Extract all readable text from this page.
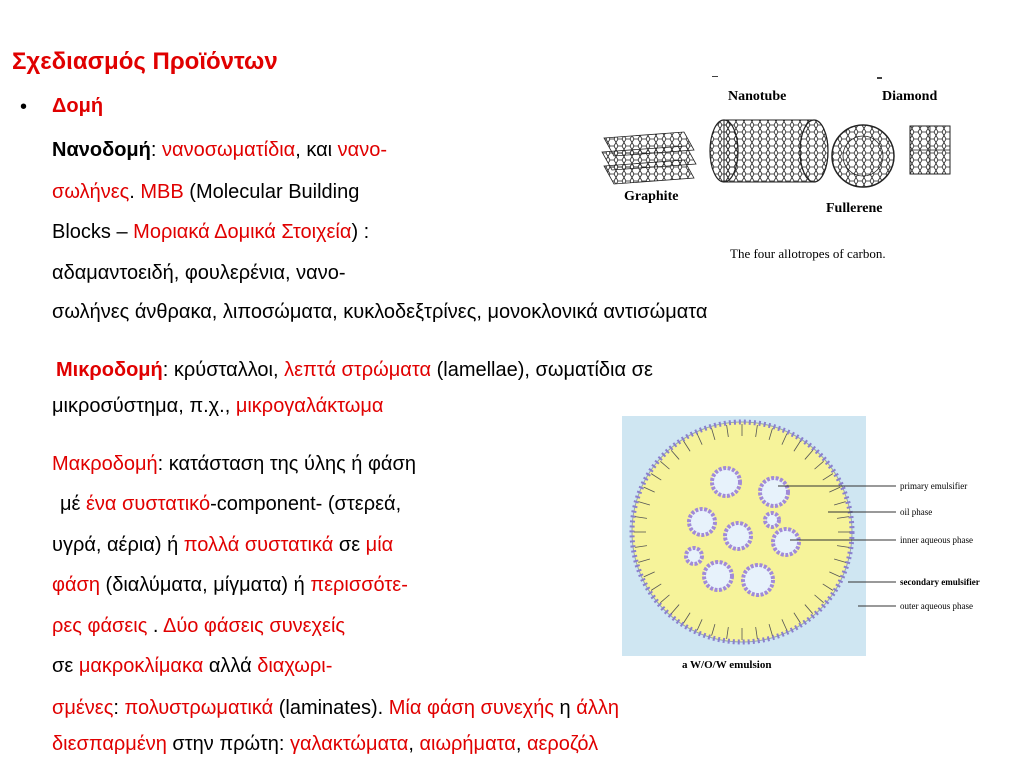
Σχεδιασμός Προϊόντων
• Δομή
Νανοδομή: νανοσωματίδια, και νανο-
σωλήνες. MBB (Molecular Building
Blocks – Μοριακά Δομικά Στοιχεία) :
αδαμαντοειδή, φουλερένια, νανο-
σωλήνες άνθρακα, λιποσώματα, κυκλοδεξτρίνες, μονοκλονικά αντισώματα
Μικροδομή: κρύσταλλοι, λεπτά στρώματα (lamellae), σωματίδια σε
μικροσύστημα, π.χ., μικρογαλάκτωμα
Μακροδομή: κατάσταση της ύλης ή φάση
μέ ένα συστατικό-component- (στερεά,
υγρά, αέρια) ή πολλά συστατικά σε μία
φάση (διαλύματα, μίγματα) ή περισσότε-
ρες φάσεις . Δύο φάσεις συνεχείς
σε μακροκλίμακα αλλά διαχωρι-
σμένες: πολυστρωματικά (laminates). Μία φάση συνεχής η άλλη
διεσπαρμένη στην πρώτη: γαλακτώματα, αιωρήματα, αεροζόλ
Nanotube	Diamond
Graphite
Fullerene
The four allotropes of carbon.
primary emulsifier
oil phase
inner aqueous phase
secondary emulsifier
outer aqueous phase
a W/O/W emulsion
